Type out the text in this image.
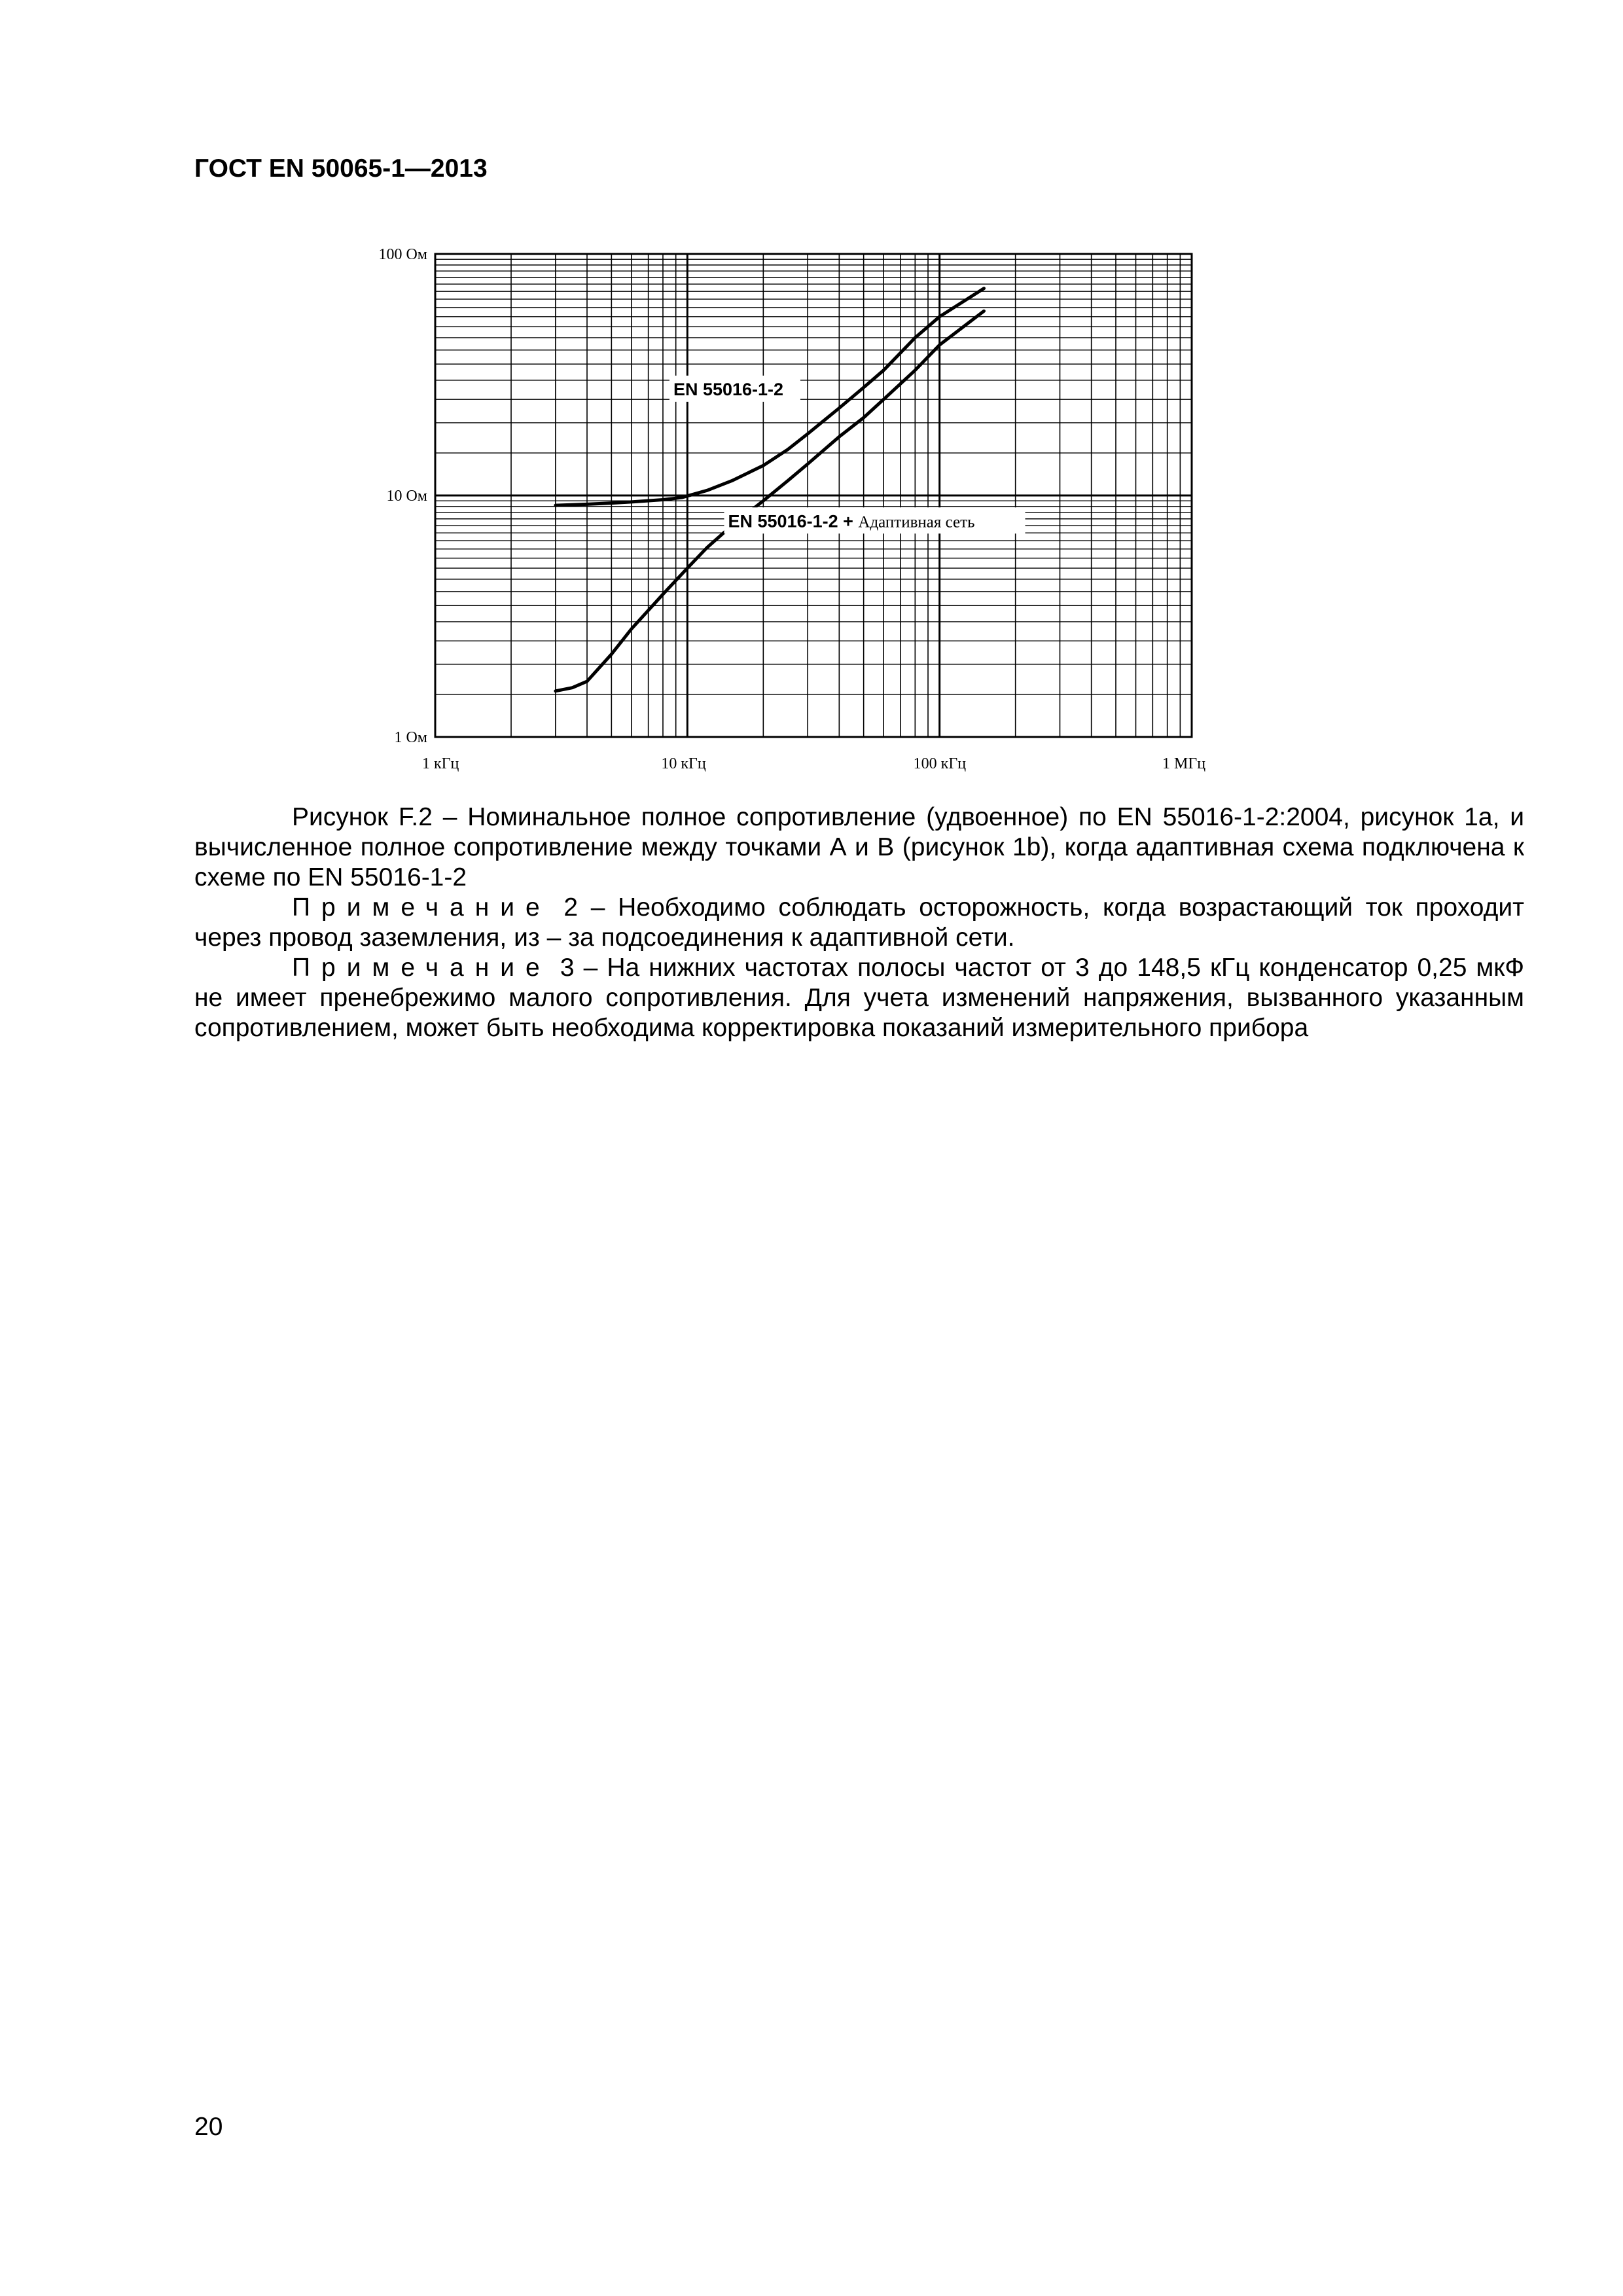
ГОСТ EN 50065-1—2013
1 Ом
10 Ом
100 Ом
1 кГц	10 кГц	100 кГц	1 МГц
EN 55016-1-2
EN 55016-1-2 + Адаптивная сеть

Рисунок F.2 – Номинальное полное сопротивление (удвоенное) по EN 55016-1-2:2004, рисунок 1a, и вычисленное полное сопротивление между точками А и В (рисунок 1b), когда адаптивная схема подключена к схеме по EN 55016-1-2

Примечание 2 – Необходимо соблюдать осторожность, когда возрастающий ток проходит через провод заземления, из – за подсоединения к адаптивной сети.

Примечание 3 – На нижних частотах полосы частот от 3 до 148,5 кГц конденсатор 0,25 мкФ не имеет пренебрежимо малого сопротивления. Для учета изменений напряжения, вызванного указанным сопротивлением, может быть необходима корректировка показаний измерительного прибора

20
